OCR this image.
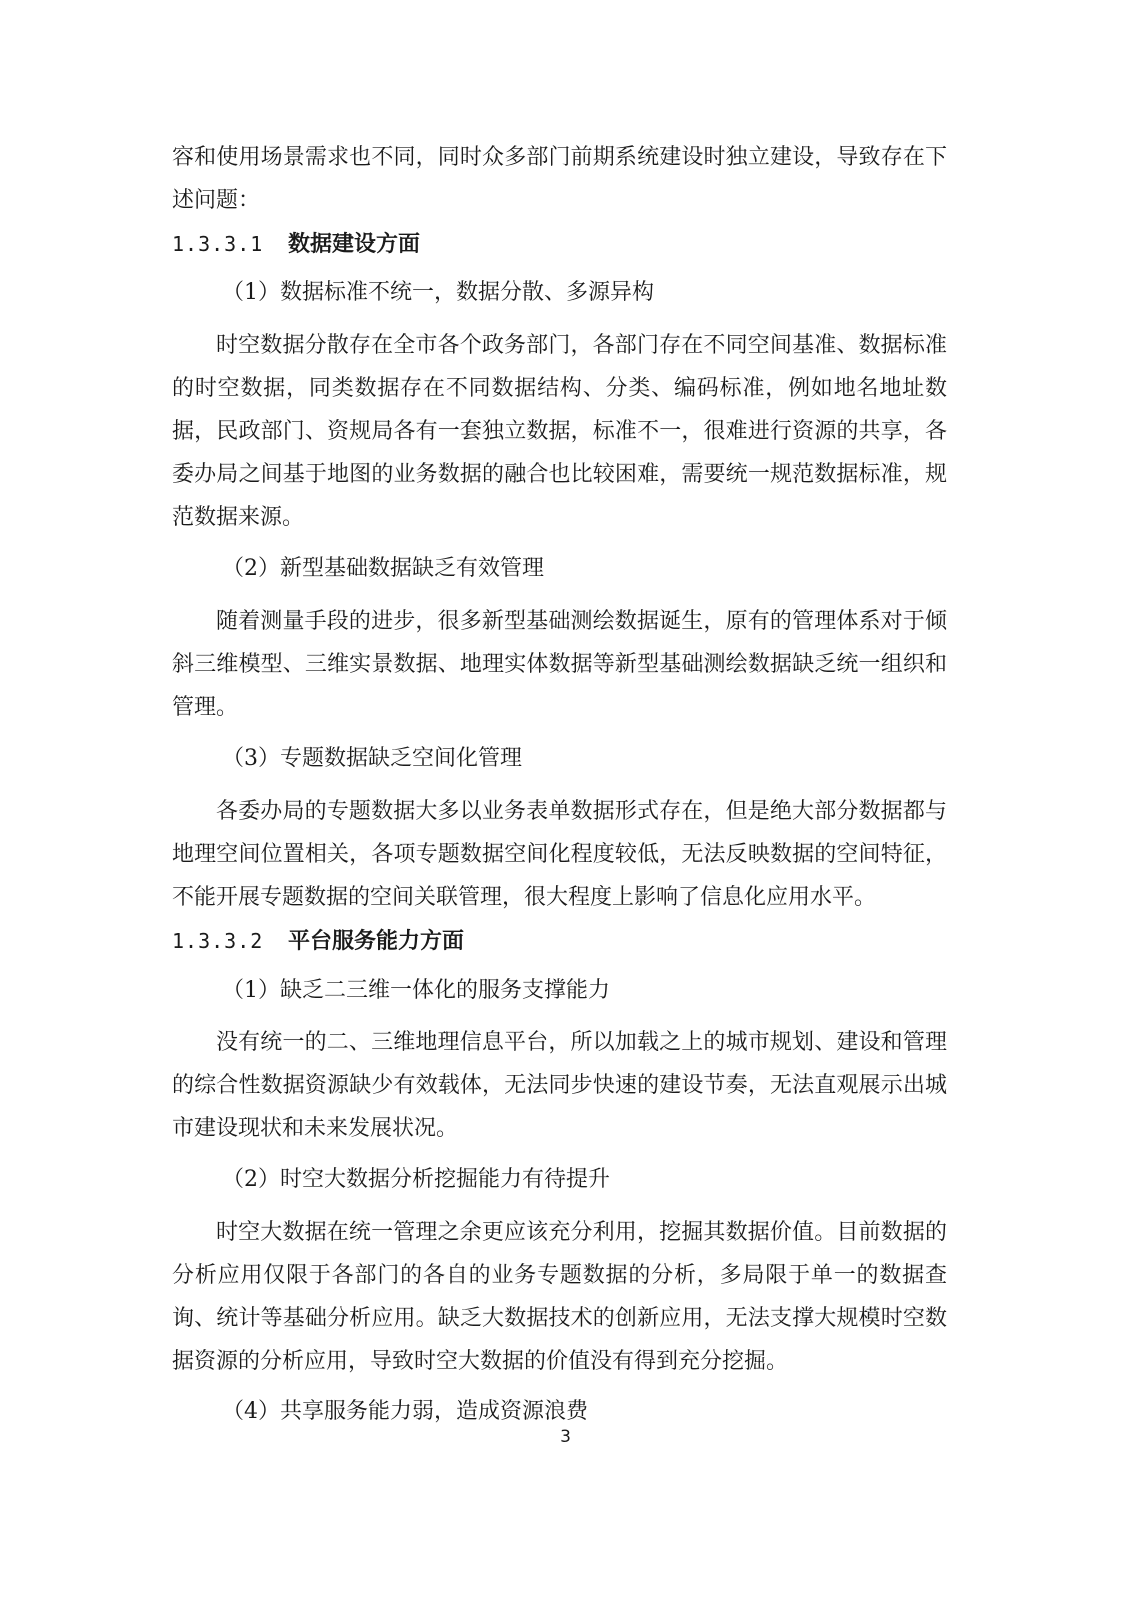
容和使用场景需求也不同，同时众多部门前期系统建设时独立建设，导致存在下述问题：

1.3.3.1 数据建设方面

（1）数据标准不统一，数据分散、多源异构

时空数据分散存在全市各个政务部门，各部门存在不同空间基准、数据标准的时空数据，同类数据存在不同数据结构、分类、编码标准，例如地名地址数据，民政部门、资规局各有一套独立数据，标准不一，很难进行资源的共享，各委办局之间基于地图的业务数据的融合也比较困难，需要统一规范数据标准，规范数据来源。

（2）新型基础数据缺乏有效管理

随着测量手段的进步，很多新型基础测绘数据诞生，原有的管理体系对于倾斜三维模型、三维实景数据、地理实体数据等新型基础测绘数据缺乏统一组织和管理。

（3）专题数据缺乏空间化管理

各委办局的专题数据大多以业务表单数据形式存在，但是绝大部分数据都与地理空间位置相关，各项专题数据空间化程度较低，无法反映数据的空间特征，不能开展专题数据的空间关联管理，很大程度上影响了信息化应用水平。

1.3.3.2 平台服务能力方面

（1）缺乏二三维一体化的服务支撑能力

没有统一的二、三维地理信息平台，所以加载之上的城市规划、建设和管理的综合性数据资源缺少有效载体，无法同步快速的建设节奏，无法直观展示出城市建设现状和未来发展状况。

（2）时空大数据分析挖掘能力有待提升

时空大数据在统一管理之余更应该充分利用，挖掘其数据价值。目前数据的分析应用仅限于各部门的各自的业务专题数据的分析，多局限于单一的数据查询、统计等基础分析应用。缺乏大数据技术的创新应用，无法支撑大规模时空数据资源的分析应用，导致时空大数据的价值没有得到充分挖掘。

（4）共享服务能力弱，造成资源浪费

3
